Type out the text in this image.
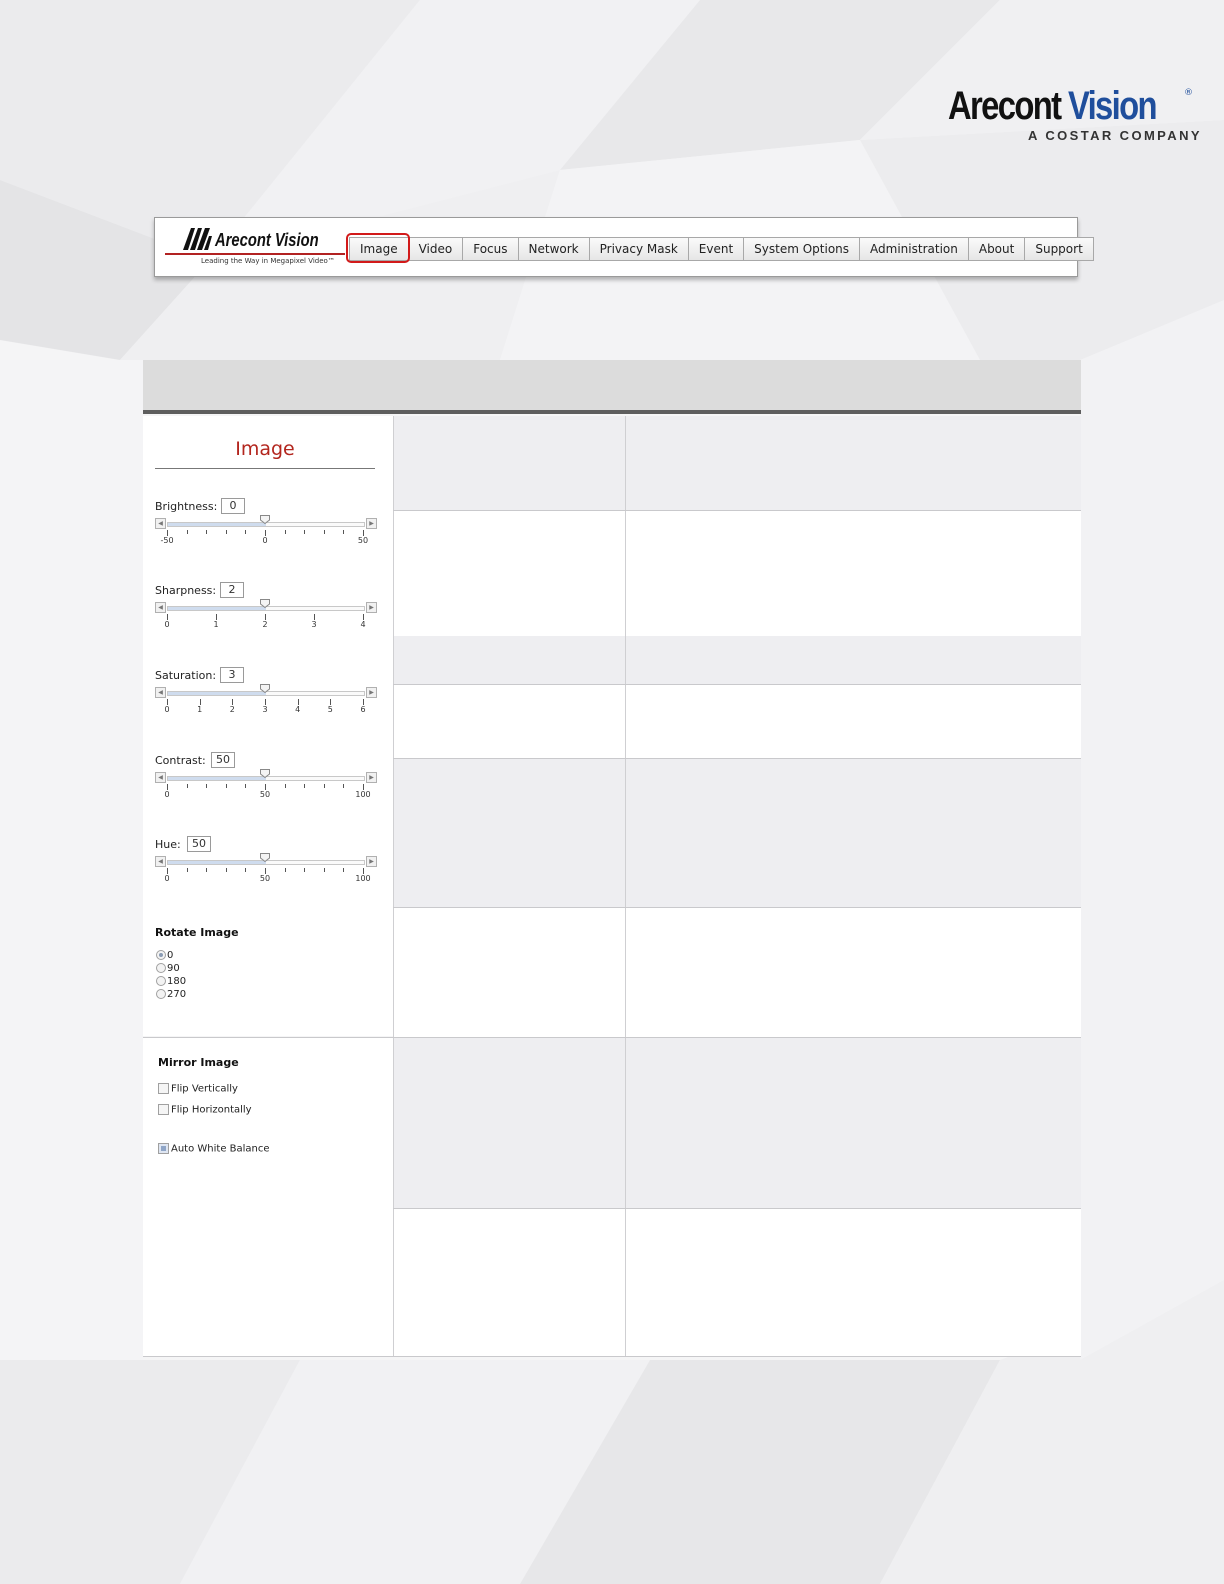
Arecont Vision	®
A COSTAR COMPANY
Arecont Vision
Leading the Way in Megapixel Video™
Image	Video	Focus	Network	Privacy Mask	Event	System Options	Administration	About	Support
Image
Brightness:	0
◀	▶
-50	0	50
Sharpness:	2
◀	▶
0	1	2	3	4
Saturation:	3
◀	▶
0	1	2	3	4	5	6
Contrast: 50
◀	▶
0	50	100
Hue:	50
◀	▶
0	50	100
Rotate Image
0
90
180
270
Mirror Image
Flip Vertically
Flip Horizontally
Auto White Balance
